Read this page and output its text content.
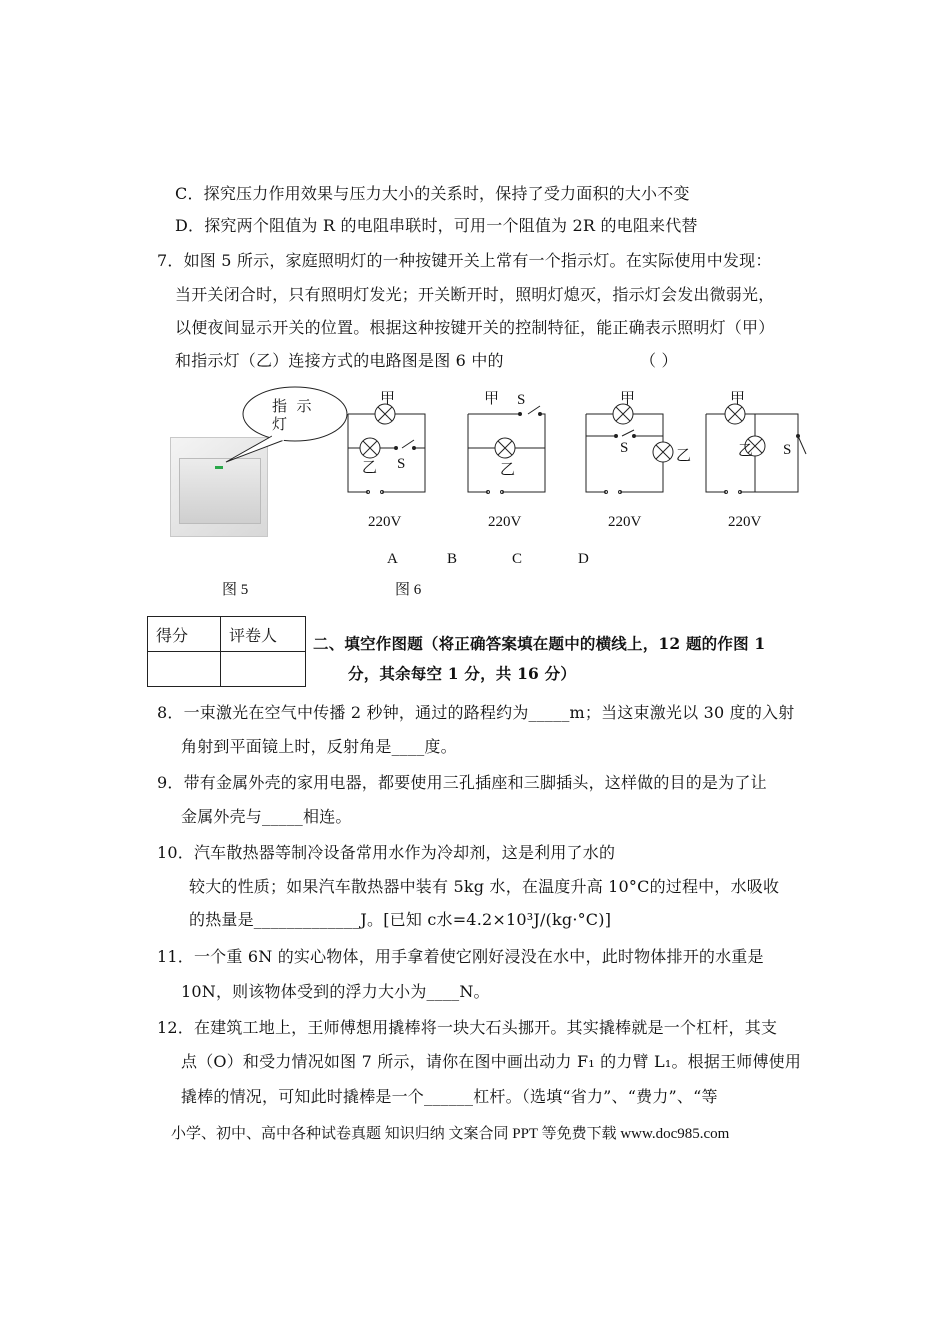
C．探究压力作用效果与压力大小的关系时，保持了受力面积的大小不变
D．探究两个阻值为 R 的电阻串联时，可用一个阻值为 2R 的电阻来代替
7．如图 5 所示，家庭照明灯的一种按键开关上常有一个指示灯。在实际使用中发现：
当开关闭合时，只有照明灯发光；开关断开时，照明灯熄灭，指示灯会发出微弱光，
以便夜间显示开关的位置。根据这种按键开关的控制特征，能正确表示照明灯（甲）
和指示灯（乙）连接方式的电路图是图 6 中的	（ ）
指  示
灯
甲
乙 S
220V
甲 S
乙
220V
甲
S	乙
220V
甲
乙 S
220V
A	B	C	D
图 5	图 6
得分	评卷人
	二、填空作图题（将正确答案填在题中的横线上，12 题的作图 1
分，其余每空 1 分，共 16 分）
8．一束激光在空气中传播 2 秒钟，通过的路程约为_____m；当这束激光以 30 度的入射
角射到平面镜上时，反射角是____度。
9．带有金属外壳的家用电器，都要使用三孔插座和三脚插头，这样做的目的是为了让
金属外壳与_____相连。
10．汽车散热器等制冷设备常用水作为冷却剂，这是利用了水的
较大的性质；如果汽车散热器中装有 5kg 水，在温度升高 10°C的过程中，水吸收
的热量是_____________J。[已知 c水=4.2×10³J/(kg·°C)]
11．一个重 6N 的实心物体，用手拿着使它刚好浸没在水中，此时物体排开的水重是
10N，则该物体受到的浮力大小为____N。
12．在建筑工地上，王师傅想用撬棒将一块大石头挪开。其实撬棒就是一个杠杆，其支
点（O）和受力情况如图 7 所示，请你在图中画出动力 F₁ 的力臂 L₁。根据王师傅使用
撬棒的情况，可知此时撬棒是一个______杠杆。（选填“省力”、“费力”、“等
小学、初中、高中各种试卷真题 知识归纳 文案合同 PPT 等免费下载 www.doc985.com
